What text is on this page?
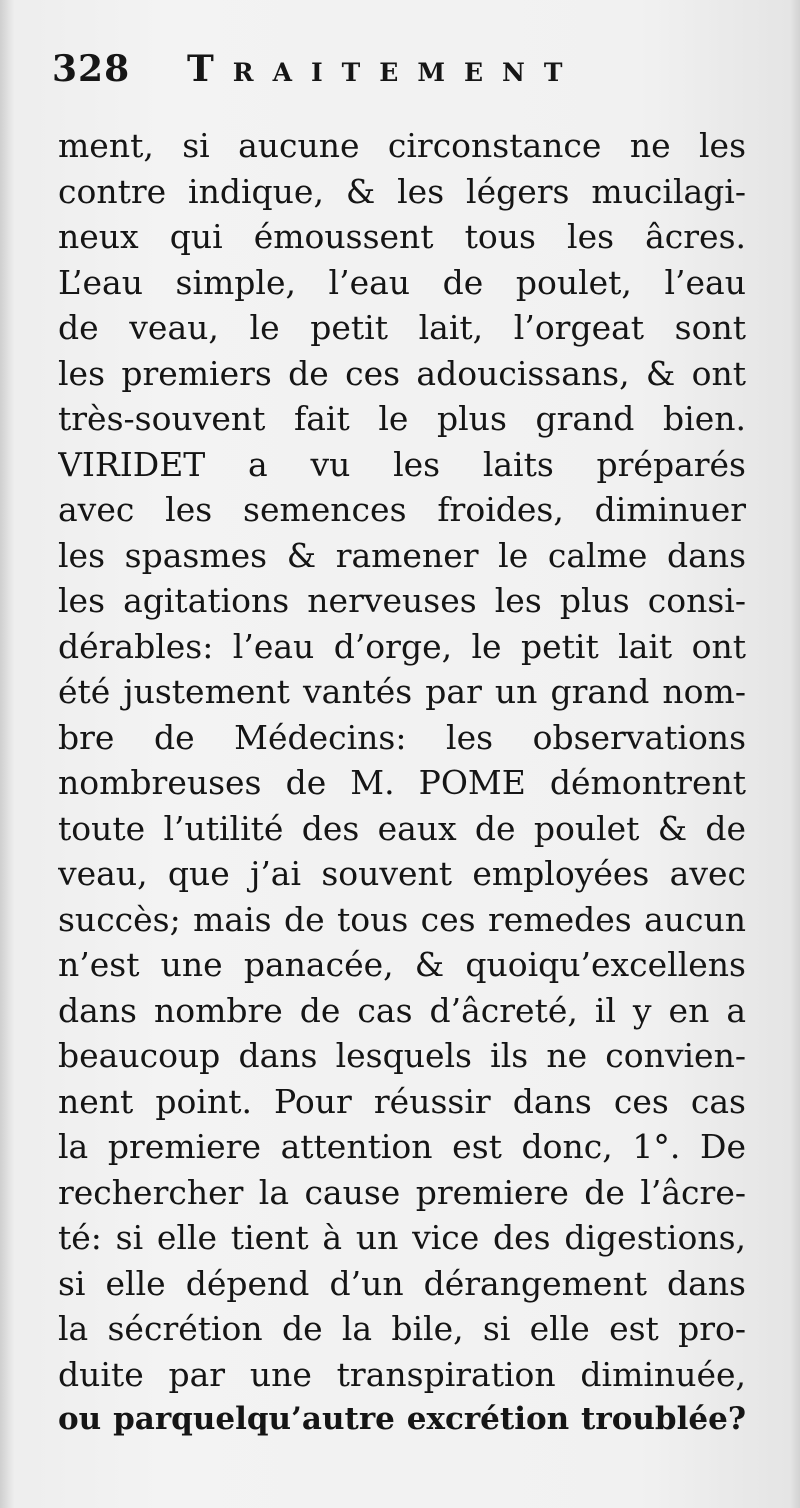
328 Traitement
ment, si aucune circonstance ne les
contre indique, & les légers mucilagi-
neux qui émoussent tous les âcres.
L’eau simple, l’eau de poulet, l’eau
de veau, le petit lait, l’orgeat sont
les premiers de ces adoucissans, & ont
très-souvent fait le plus grand bien.
VIRIDET a vu les laits préparés
avec les semences froides, diminuer
les spasmes & ramener le calme dans
les agitations nerveuses les plus consi-
dérables: l’eau d’orge, le petit lait ont
été justement vantés par un grand nom-
bre de Médecins: les observations
nombreuses de M. POME démontrent
toute l’utilité des eaux de poulet & de
veau, que j’ai souvent employées avec
succès; mais de tous ces remedes aucun
n’est une panacée, & quoiqu’excellens
dans nombre de cas d’âcreté, il y en a
beaucoup dans lesquels ils ne convien-
nent point. Pour réussir dans ces cas
la premiere attention est donc, 1°. De
rechercher la cause premiere de l’âcre-
té: si elle tient à un vice des digestions,
si elle dépend d’un dérangement dans
la sécrétion de la bile, si elle est pro-
duite par une transpiration diminuée,
ou parquelqu’autre excrétion troublée?
